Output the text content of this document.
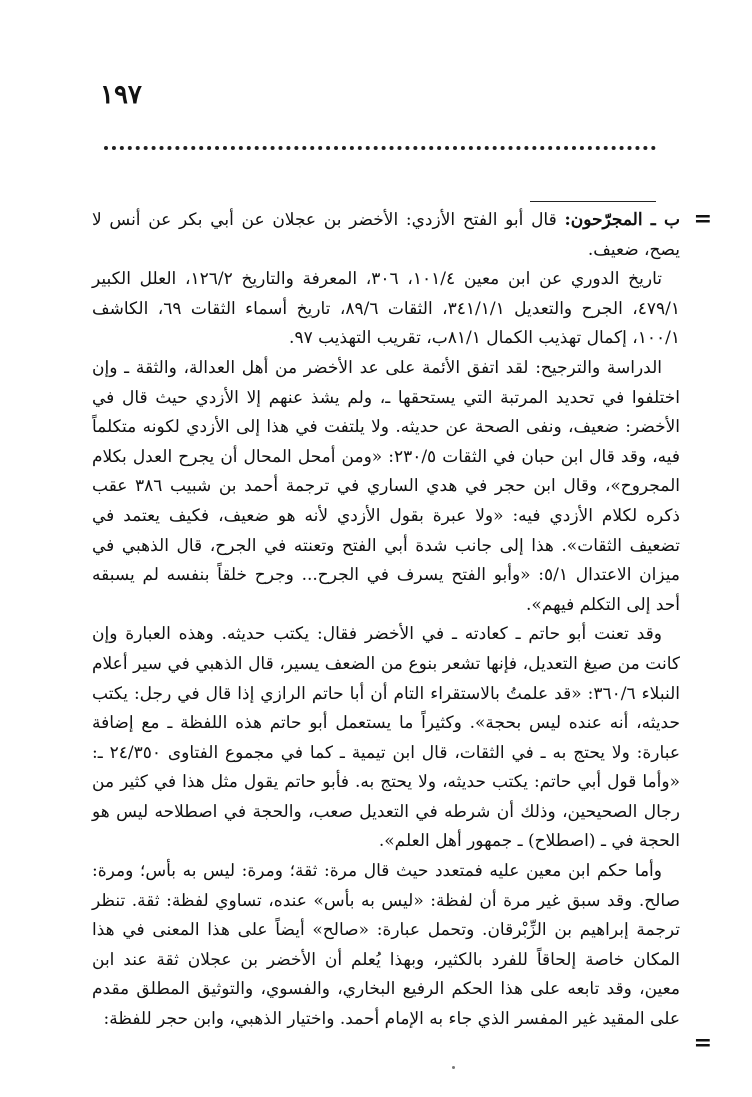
١٩٧
=

ب ـ المجرّحون: قال أبو الفتح الأزدي: الأخضر بن عجلان عن أبي بكر عن أنس لا يصح، ضعيف.

تاريخ الدوري عن ابن معين ١٠١/٤، ٣٠٦، المعرفة والتاريخ ١٢٦/٢، العلل الكبير ٤٧٩/١، الجرح والتعديل ٣٤١/١/١، الثقات ٨٩/٦، تاريخ أسماء الثقات ٦٩، الكاشف ١٠٠/١، إكمال تهذيب الكمال ٨١/١ب، تقريب التهذيب ٩٧.

الدراسة والترجيح: لقد اتفق الأئمة على عد الأخضر من أهل العدالة، والثقة ـ وإن اختلفوا في تحديد المرتبة التي يستحقها ـ، ولم يشذ عنهم إلا الأزدي حيث قال في الأخضر: ضعيف، ونفى الصحة عن حديثه. ولا يلتفت في هذا إلى الأزدي لكونه متكلماً فيه، وقد قال ابن حبان في الثقات ٢٣٠/٥: «ومن أمحل المحال أن يجرح العدل بكلام المجروح»، وقال ابن حجر في هدي الساري في ترجمة أحمد بن شبيب ٣٨٦ عقب ذكره لكلام الأزدي فيه: «ولا عبرة بقول الأزدي لأنه هو ضعيف، فكيف يعتمد في تضعيف الثقات». هذا إلى جانب شدة أبي الفتح وتعنته في الجرح، قال الذهبي في ميزان الاعتدال ٥/١: «وأبو الفتح يسرف في الجرح... وجرح خلقاً بنفسه لم يسبقه أحد إلى التكلم فيهم».

وقد تعنت أبو حاتم ـ كعادته ـ في الأخضر فقال: يكتب حديثه. وهذه العبارة وإن كانت من صيغ التعديل، فإنها تشعر بنوع من الضعف يسير، قال الذهبي في سير أعلام النبلاء ٣٦٠/٦: «قد علمتُ بالاستقراء التام أن أبا حاتم الرازي إذا قال في رجل: يكتب حديثه، أنه عنده ليس بحجة». وكثيراً ما يستعمل أبو حاتم هذه اللفظة ـ مع إضافة عبارة: ولا يحتج به ـ في الثقات، قال ابن تيمية ـ كما في مجموع الفتاوى ٢٤/٣٥٠ ـ: «وأما قول أبي حاتم: يكتب حديثه، ولا يحتج به. فأبو حاتم يقول مثل هذا في كثير من رجال الصحيحين، وذلك أن شرطه في التعديل صعب، والحجة في اصطلاحه ليس هو الحجة في ـ (اصطلاح) ـ جمهور أهل العلم».

وأما حكم ابن معين عليه فمتعدد حيث قال مرة: ثقة؛ ومرة: ليس به بأس؛ ومرة: صالح. وقد سبق غير مرة أن لفظة: «ليس به بأس» عنده، تساوي لفظة: ثقة. تنظر ترجمة إبراهيم بن الزِّبْرقان. وتحمل عبارة: «صالح» أيضاً على هذا المعنى في هذا المكان خاصة إلحاقاً للفرد بالكثير، وبهذا يُعلم أن الأخضر بن عجلان ثقة عند ابن معين، وقد تابعه على هذا الحكم الرفيع البخاري، والفسوي، والتوثيق المطلق مقدم على المقيد غير المفسر الذي جاء به الإمام أحمد. واختيار الذهبي، وابن حجر للفظة:

=
